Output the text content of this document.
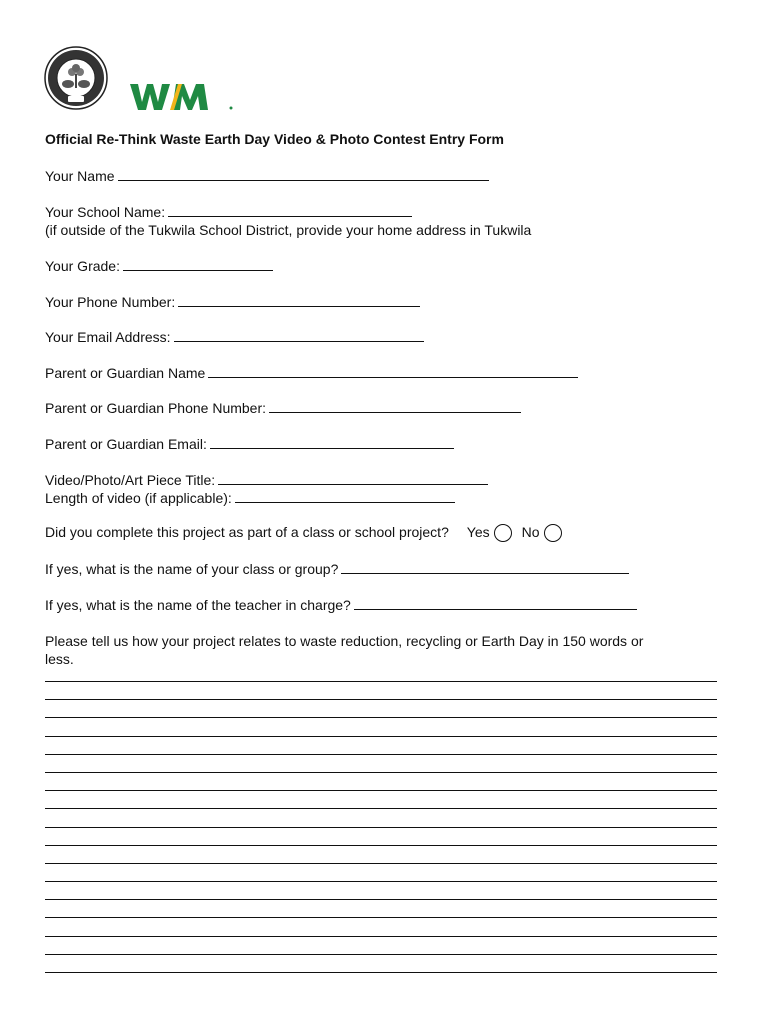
Official Re-Think Waste Earth Day Video & Photo Contest Entry Form
Your Name
Your School Name:
(if outside of the Tukwila School District, provide your home address in Tukwila
Your Grade:
Your Phone Number:
Your Email Address:
Parent or Guardian Name
Parent or Guardian Phone Number:
Parent or Guardian Email:
Video/Photo/Art Piece Title:
Length of video (if applicable):
Did you complete this project as part of a class or school project? Yes No
If yes, what is the name of your class or group?
If yes, what is the name of the teacher in charge?
Please tell us how your project relates to waste reduction, recycling or Earth Day in 150 words or
less.
